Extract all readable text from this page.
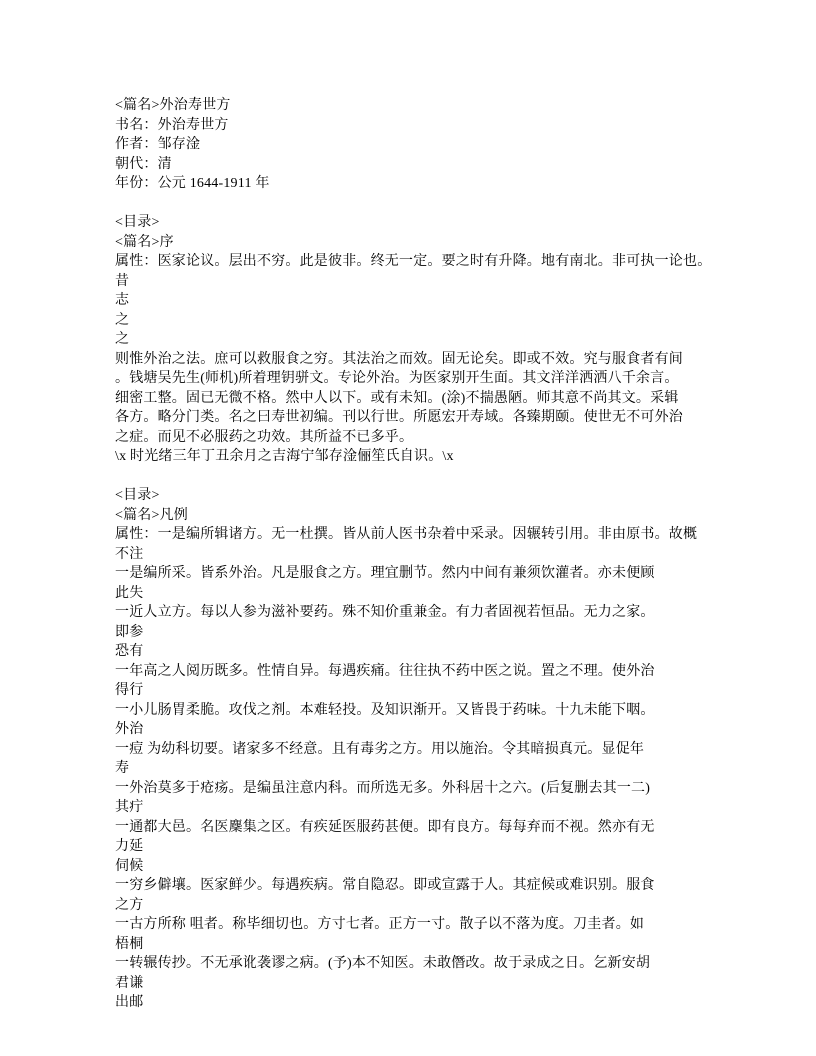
<篇名>外治寿世方
书名：外治寿世方
作者：邹存淦
朝代：清
年份：公元 1644-1911 年
<目录>
<篇名>序
属性：医家论议。层出不穷。此是彼非。终无一定。要之时有升降。地有南北。非可执一论也。
昔
志
之
之
则惟外治之法。庶可以救服食之穷。其法治之而效。固无论矣。即或不效。究与服食者有间
。钱塘吴先生(师机)所着理钥骈文。专论外治。为医家别开生面。其文洋洋洒洒八千余言。
细密工整。固已无微不格。然中人以下。或有未知。(涂)不揣愚陋。师其意不尚其文。采辑
各方。略分门类。名之曰寿世初编。刊以行世。所愿宏开寿域。各臻期颐。使世无不可外治
之症。而见不必服药之功效。其所益不已多乎。
\x 时光绪三年丁丑余月之吉海宁邹存淦俪笙氏自识。\x
<目录>
<篇名>凡例
属性：一是编所辑诸方。无一杜撰。皆从前人医书杂着中采录。因辗转引用。非由原书。故概
不注
一是编所采。皆系外治。凡是服食之方。理宜删节。然内中间有兼须饮灌者。亦未便顾
此失
一近人立方。每以人参为滋补要药。殊不知价重兼金。有力者固视若恒品。无力之家。
即参
恐有
一年高之人阅历既多。性情自异。每遇疾痛。往往执不药中医之说。置之不理。使外治
得行
一小儿肠胃柔脆。攻伐之剂。本难轻投。及知识渐开。又皆畏于药味。十九未能下咽。
外治
一痘 为幼科切要。诸家多不经意。且有毒劣之方。用以施治。令其暗损真元。显促年
寿
一外治莫多于疮疡。是编虽注意内科。而所选无多。外科居十之六。(后复删去其一二)
其疔
一通都大邑。名医麇集之区。有疾延医服药甚便。即有良方。每每弃而不视。然亦有无
力延
伺候
一穷乡僻壤。医家鲜少。每遇疾病。常自隐忍。即或宣露于人。其症候或难识别。服食
之方
一古方所称 咀者。称毕细切也。方寸七者。正方一寸。散子以不落为度。刀圭者。如
梧桐
一转辗传抄。不无承讹袭谬之病。(予)本不知医。未敢僭改。故于录成之日。乞新安胡
君谦
出邮
